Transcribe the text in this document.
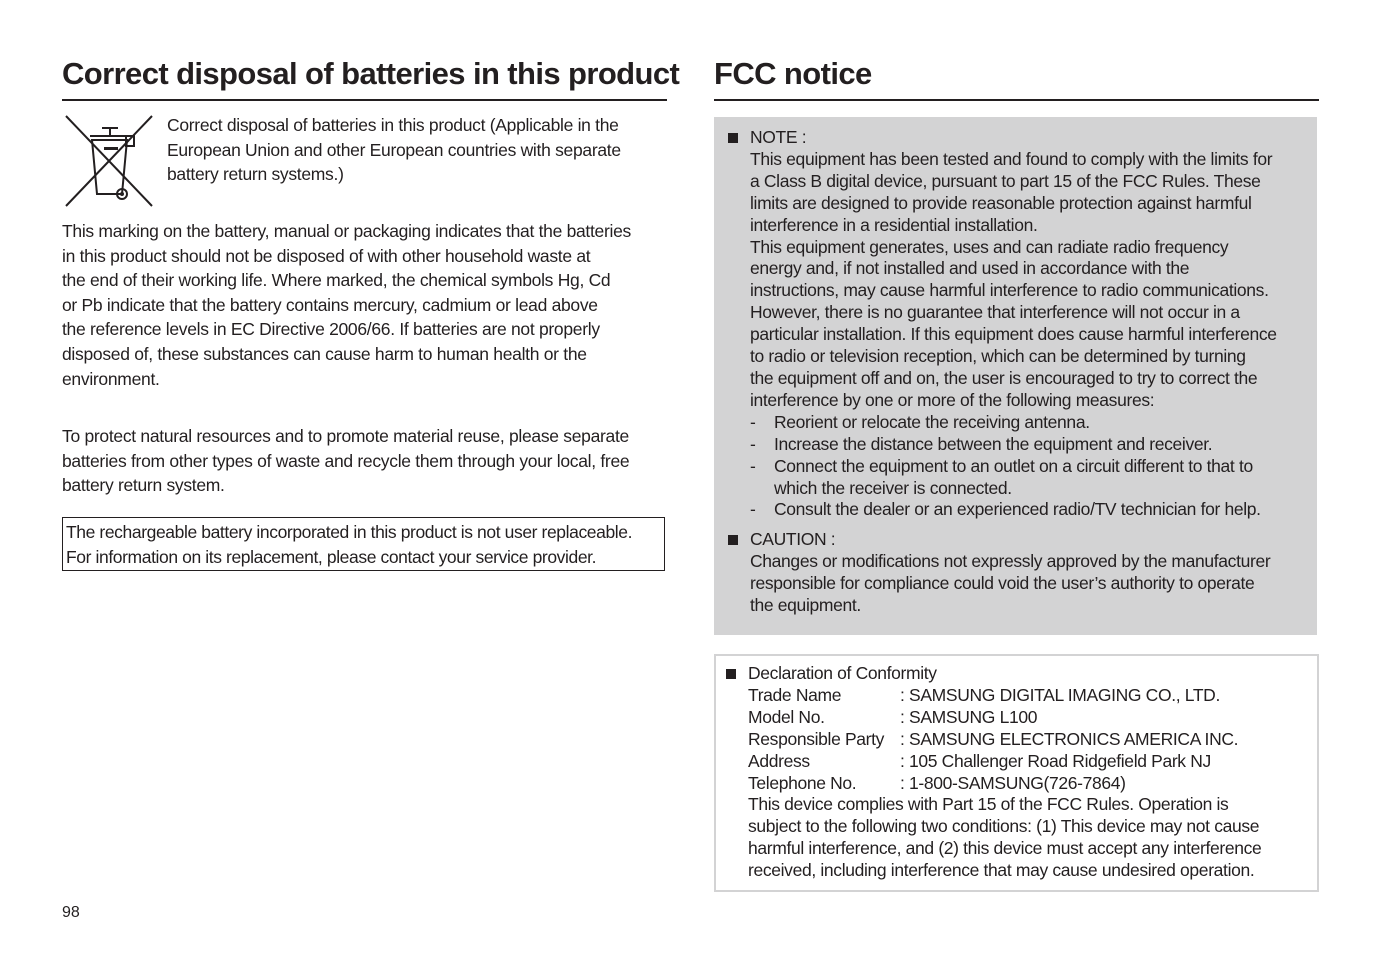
Correct disposal of batteries in this product

Correct disposal of batteries in this product (Applicable in the

European Union and other European countries with separate

battery return systems.)

This marking on the battery, manual or packaging indicates that the batteries

in this product should not be disposed of with other household waste at

the end of their working life. Where marked, the chemical symbols Hg, Cd

or Pb indicate that the battery contains mercury, cadmium or lead above

the reference levels in EC Directive 2006/66. If batteries are not properly

disposed of, these substances can cause harm to human health or the

environment.

To protect natural resources and to promote material reuse, please separate

batteries from other types of waste and recycle them through your local, free

battery return system.

The rechargeable battery incorporated in this product is not user replaceable.
For information on its replacement, please contact your service provider.
98
FCC notice
NOTE :
This equipment has been tested and found to comply with the limits for
a Class B digital device, pursuant to part 15 of the FCC Rules. These
limits are designed to provide reasonable protection against harmful
interference in a residential installation.
This equipment generates, uses and can radiate radio frequency
energy and, if not installed and used in accordance with the
instructions, may cause harmful interference to radio communications.
However, there is no guarantee that interference will not occur in a
particular installation. If this equipment does cause harmful interference
to radio or television reception, which can be determined by turning
the equipment off and on, the user is encouraged to try to correct the
interference by one or more of the following measures:
- Reorient or relocate the receiving antenna.
- Increase the distance between the equipment and receiver.
- Connect the equipment to an outlet on a circuit different to that to
which the receiver is connected.
- Consult the dealer or an experienced radio/TV technician for help.
CAUTION :
Changes or modifications not expressly approved by the manufacturer
responsible for compliance could void the user’s authority to operate
the equipment.
Declaration of Conformity
Trade Name	: SAMSUNG DIGITAL IMAGING CO., LTD.
Model No.	: SAMSUNG L100
Responsible Party : SAMSUNG ELECTRONICS AMERICA INC.
Address	: 105 Challenger Road Ridgefield Park NJ
Telephone No.	: 1-800-SAMSUNG(726-7864)
This device complies with Part 15 of the FCC Rules. Operation is
subject to the following two conditions: (1) This device may not cause
harmful interference, and (2) this device must accept any interference
received, including interference that may cause undesired operation.
